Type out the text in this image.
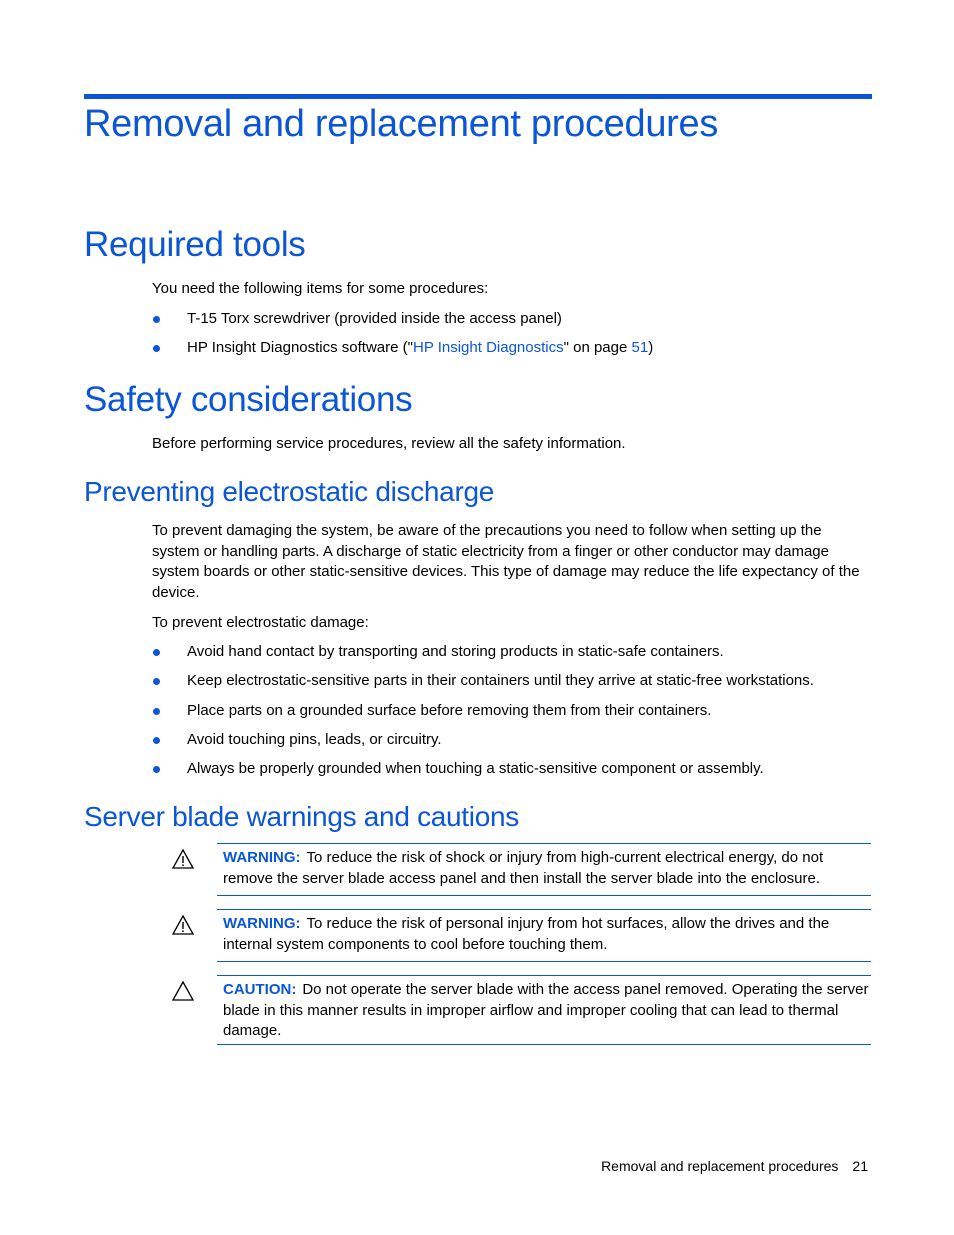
Removal and replacement procedures
Required tools

You need the following items for some procedures:

T-15 Torx screwdriver (provided inside the access panel)
HP Insight Diagnostics software ("HP Insight Diagnostics" on page 51)
Safety considerations

Before performing service procedures, review all the safety information.

Preventing electrostatic discharge

To prevent damaging the system, be aware of the precautions you need to follow when setting up the system or handling parts. A discharge of static electricity from a finger or other conductor may damage system boards or other static-sensitive devices. This type of damage may reduce the life expectancy of the device.

To prevent electrostatic damage:

Avoid hand contact by transporting and storing products in static-safe containers.
Keep electrostatic-sensitive parts in their containers until they arrive at static-free workstations.
Place parts on a grounded surface before removing them from their containers.
Avoid touching pins, leads, or circuitry.
Always be properly grounded when touching a static-sensitive component or assembly.
Server blade warnings and cautions
WARNING: To reduce the risk of shock or injury from high-current electrical energy, do not remove the server blade access panel and then install the server blade into the enclosure.
WARNING: To reduce the risk of personal injury from hot surfaces, allow the drives and the internal system components to cool before touching them.
CAUTION: Do not operate the server blade with the access panel removed. Operating the server blade in this manner results in improper airflow and improper cooling that can lead to thermal damage.
Removal and replacement procedures 21
